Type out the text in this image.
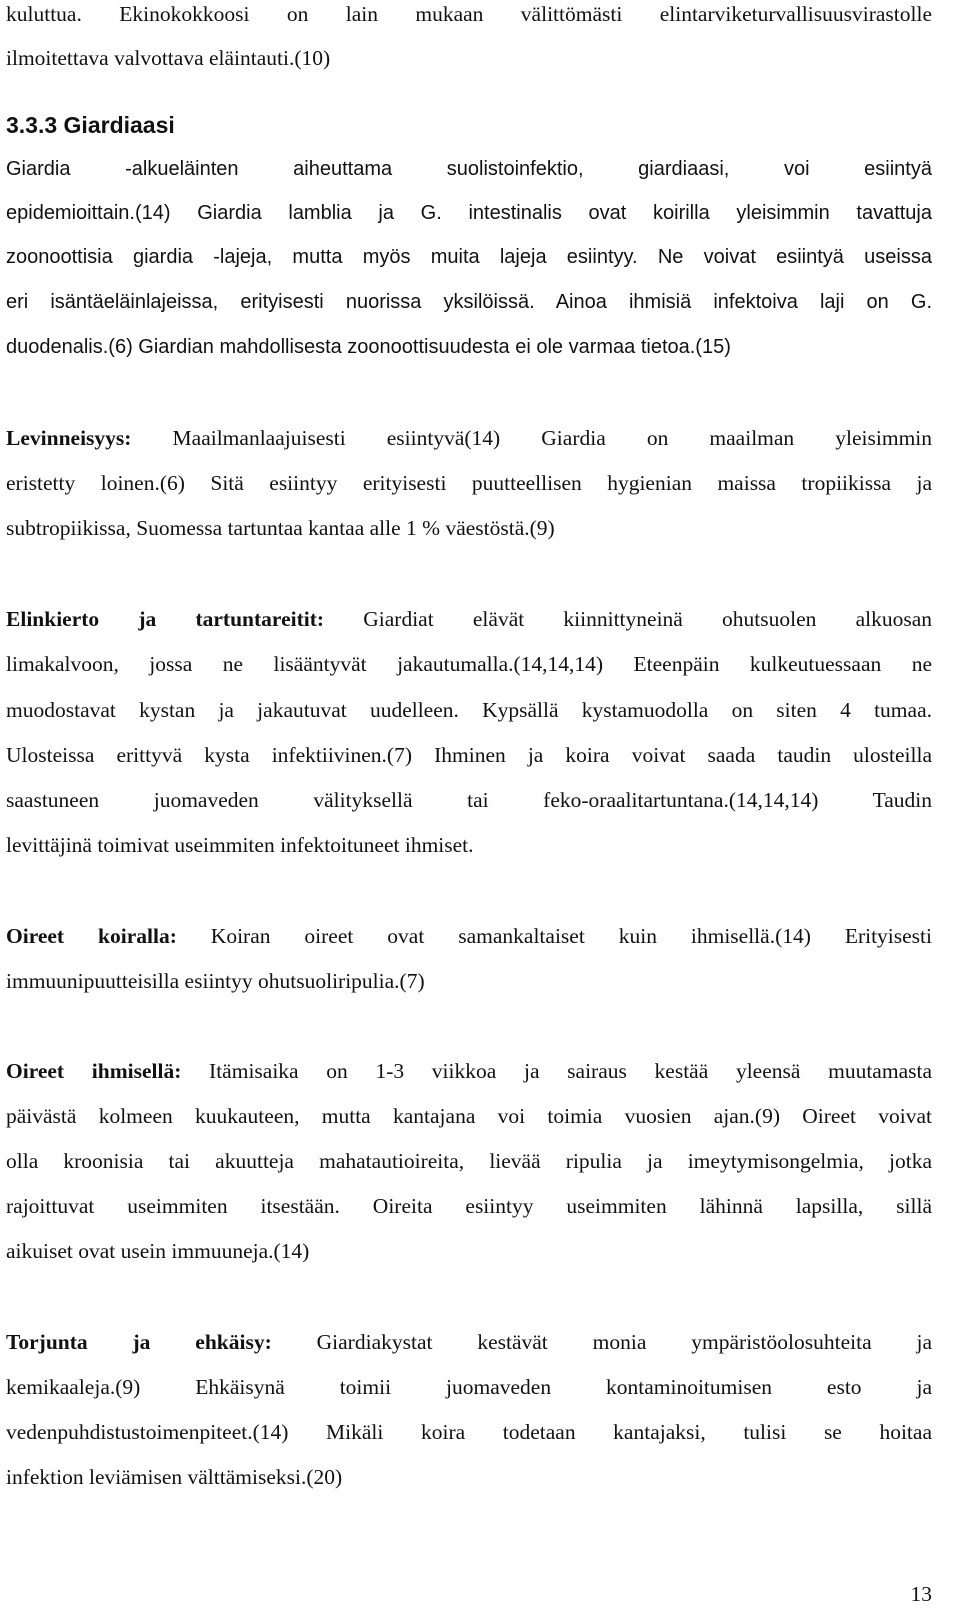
kuluttua. Ekinokokkoosi on lain mukaan välittömästi elintarviketurvallisuusvirastolle
ilmoitettava valvottava eläintauti.(10)
3.3.3 Giardiaasi
Giardia -alkueläinten aiheuttama suolistoinfektio, giardiaasi, voi esiintyä
epidemioittain.(14) Giardia lamblia ja G. intestinalis ovat koirilla yleisimmin tavattuja
zoonoottisia giardia -lajeja, mutta myös muita lajeja esiintyy. Ne voivat esiintyä useissa
eri isäntäeläinlajeissa, erityisesti nuorissa yksilöissä. Ainoa ihmisiä infektoiva laji on G.
duodenalis.(6) Giardian mahdollisesta zoonoottisuudesta ei ole varmaa tietoa.(15)
Levinneisyys: Maailmanlaajuisesti esiintyvä(14) Giardia on maailman yleisimmin
eristetty loinen.(6) Sitä esiintyy erityisesti puutteellisen hygienian maissa tropiikissa ja
subtropiikissa, Suomessa tartuntaa kantaa alle 1 % väestöstä.(9)
Elinkierto ja tartuntareitit: Giardiat elävät kiinnittyneinä ohutsuolen alkuosan
limakalvoon, jossa ne lisääntyvät jakautumalla.(14,14,14) Eteenpäin kulkeutuessaan ne
muodostavat kystan ja jakautuvat uudelleen. Kypsällä kystamuodolla on siten 4 tumaa.
Ulosteissa erittyvä kysta infektiivinen.(7) Ihminen ja koira voivat saada taudin ulosteilla
saastuneen juomaveden välityksellä tai feko-oraalitartuntana.(14,14,14) Taudin
levittäjinä toimivat useimmiten infektoituneet ihmiset.
Oireet koiralla: Koiran oireet ovat samankaltaiset kuin ihmisellä.(14) Erityisesti
immuunipuutteisilla esiintyy ohutsuoliripulia.(7)
Oireet ihmisellä: Itämisaika on 1-3 viikkoa ja sairaus kestää yleensä muutamasta
päivästä kolmeen kuukauteen, mutta kantajana voi toimia vuosien ajan.(9) Oireet voivat
olla kroonisia tai akuutteja mahatautioireita, lievää ripulia ja imeytymisongelmia, jotka
rajoittuvat useimmiten itsestään. Oireita esiintyy useimmiten lähinnä lapsilla, sillä
aikuiset ovat usein immuuneja.(14)
Torjunta ja ehkäisy: Giardiakystat kestävät monia ympäristöolosuhteita ja
kemikaaleja.(9) Ehkäisynä toimii juomaveden kontaminoitumisen esto ja
vedenpuhdistustoimenpiteet.(14) Mikäli koira todetaan kantajaksi, tulisi se hoitaa
infektion leviämisen välttämiseksi.(20)
13
